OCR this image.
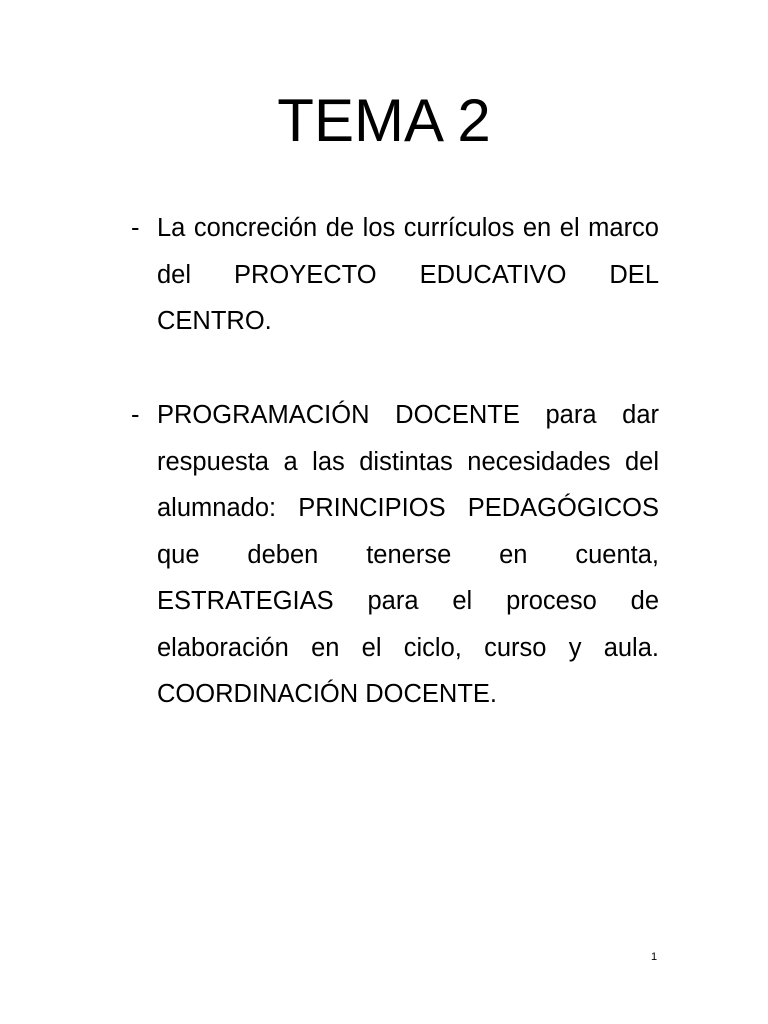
TEMA 2
- La concreción de los currículos en el marco del PROYECTO EDUCATIVO DEL CENTRO.
- PROGRAMACIÓN DOCENTE para dar respuesta a las distintas necesidades del alumnado: PRINCIPIOS PEDAGÓGICOS que deben tenerse en cuenta, ESTRATEGIAS para el proceso de elaboración en el ciclo, curso y aula. COORDINACIÓN DOCENTE.
1
